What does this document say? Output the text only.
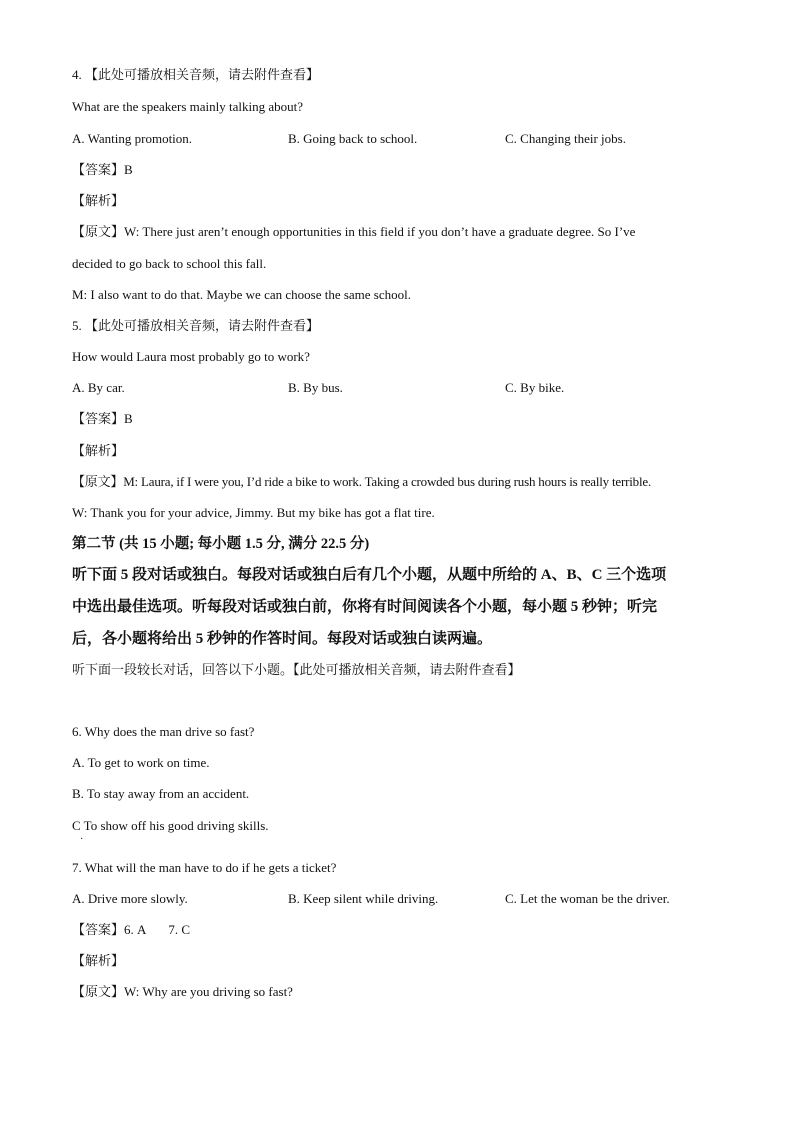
4. 【此处可播放相关音频，请去附件查看】
What are the speakers mainly talking about?
A. Wanting promotion.	B. Going back to school.	C. Changing their jobs.
【答案】B
【解析】
【原文】W: There just aren’t enough opportunities in this field if you don’t have a graduate degree. So I’ve
decided to go back to school this fall.
M: I also want to do that. Maybe we can choose the same school.
5. 【此处可播放相关音频，请去附件查看】
How would Laura most probably go to work?
A. By car.	B. By bus.	C. By bike.
【答案】B
【解析】
【原文】M: Laura, if I were you, I’d ride a bike to work. Taking a crowded bus during rush hours is really terrible.
W: Thank you for your advice, Jimmy. But my bike has got a flat tire.
第二节 (共 15 小题; 每小题 1.5 分, 满分 22.5 分)
听下面 5 段对话或独白。每段对话或独白后有几个小题，从题中所给的 A、B、C 三个选项
中选出最佳选项。听每段对话或独白前，你将有时间阅读各个小题，每小题 5 秒钟；听完
后，各小题将给出 5 秒钟的作答时间。每段对话或独白读两遍。
听下面一段较长对话，回答以下小题。【此处可播放相关音频，请去附件查看】
6. Why does the man drive so fast?
A. To get to work on time.
B. To stay away from an accident.
C To show off his good driving skills.
·
7. What will the man have to do if he gets a ticket?
A. Drive more slowly.	B. Keep silent while driving.	C. Let the woman be the driver.
【答案】6. A       7. C
【解析】
【原文】W: Why are you driving so fast?
